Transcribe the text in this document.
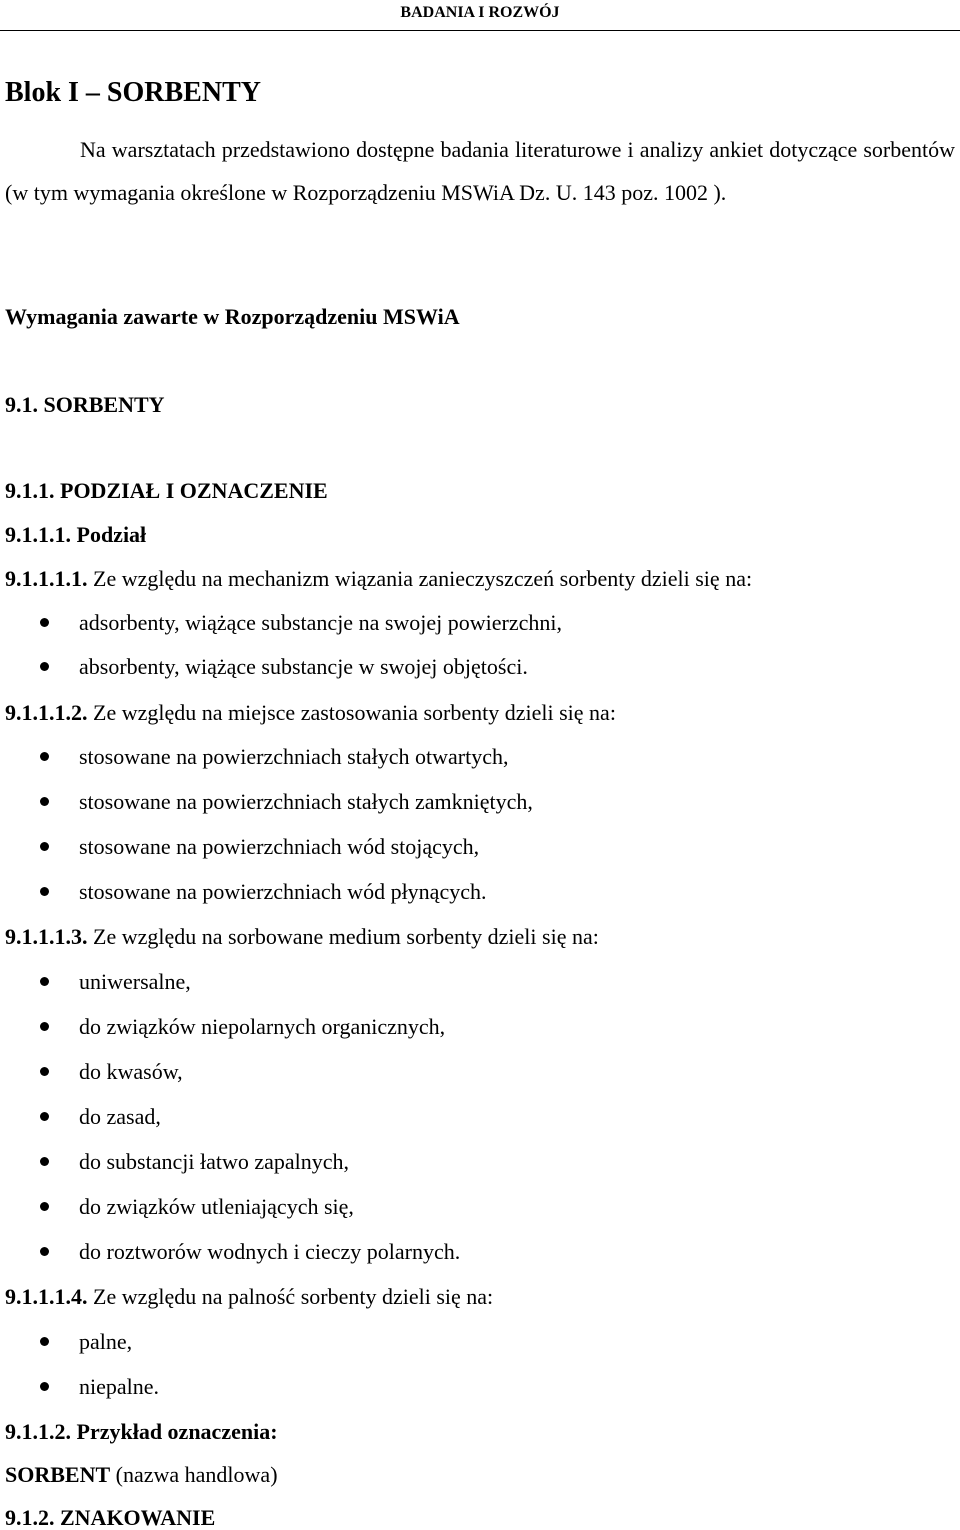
BADANIA I ROZWÓJ
Blok I – SORBENTY
Na warsztatach przedstawiono dostępne badania literaturowe i analizy ankiet dotyczące sorbentów (w tym wymagania określone w Rozporządzeniu MSWiA Dz. U. 143 poz. 1002 ).
Wymagania zawarte w Rozporządzeniu MSWiA
9.1. SORBENTY
9.1.1. PODZIAŁ I OZNACZENIE
9.1.1.1. Podział
9.1.1.1.1. Ze względu na mechanizm wiązania zanieczyszczeń sorbenty dzieli się na:
adsorbenty, wiążące substancje na swojej powierzchni,
absorbenty, wiążące substancje w swojej objętości.
9.1.1.1.2. Ze względu na miejsce zastosowania sorbenty dzieli się na:
stosowane na powierzchniach stałych otwartych,
stosowane na powierzchniach stałych zamkniętych,
stosowane na powierzchniach wód stojących,
stosowane na powierzchniach wód płynących.
9.1.1.1.3. Ze względu na sorbowane medium sorbenty dzieli się na:
uniwersalne,
do związków niepolarnych organicznych,
do kwasów,
do zasad,
do substancji łatwo zapalnych,
do związków utleniających się,
do roztworów wodnych i cieczy polarnych.
9.1.1.1.4. Ze względu na palność sorbenty dzieli się na:
palne,
niepalne.
9.1.1.2. Przykład oznaczenia:
SORBENT (nazwa handlowa)
9.1.2. ZNAKOWANIE
